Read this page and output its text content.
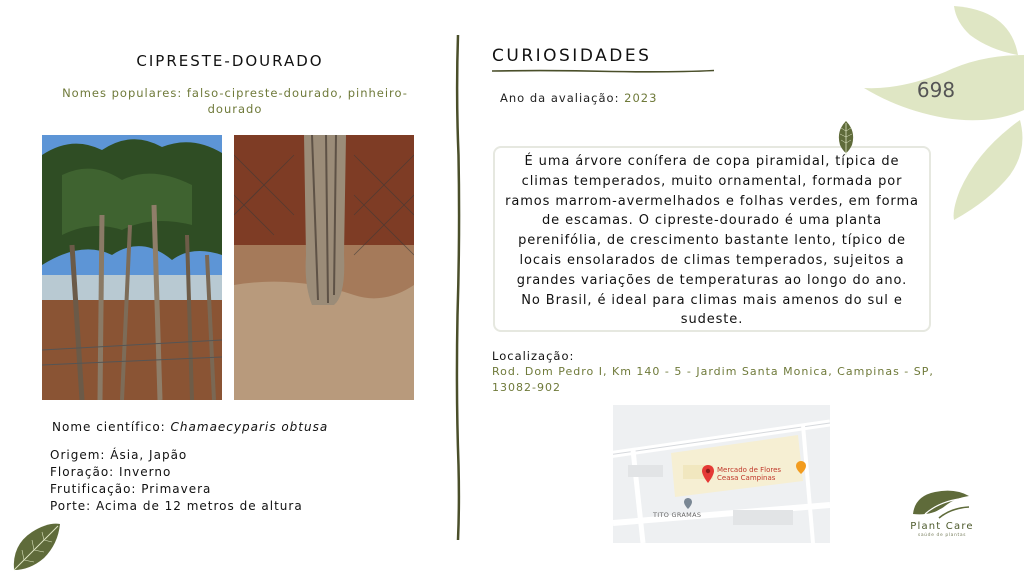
CIPRESTE-DOURADO
Nomes populares: falso-cipreste-dourado, pinheiro-dourado
Nome científico: Chamaecyparis obtusa
Origem: Ásia, Japão
Floração: Inverno
Frutificação: Primavera
Porte: Acima de 12 metros de altura
CURIOSIDADES
Ano da avaliação: 2023

É uma árvore conífera de copa piramidal, típica de climas temperados, muito ornamental, formada por ramos marrom-avermelhados e folhas verdes, em forma de escamas. O cipreste-dourado é uma planta perenifólia, de crescimento bastante lento, típico de locais ensolarados de climas temperados, sujeitos a grandes variações de temperaturas ao longo do ano. No Brasil, é ideal para climas mais amenos do sul e sudeste.

Localização:
Rod. Dom Pedro I, Km 140 - 5 - Jardim Santa Monica, Campinas - SP, 13082-902
Mercado de Flores
Ceasa Campinas
TITO GRAMAS
698
Plant Care
saúde de plantas
